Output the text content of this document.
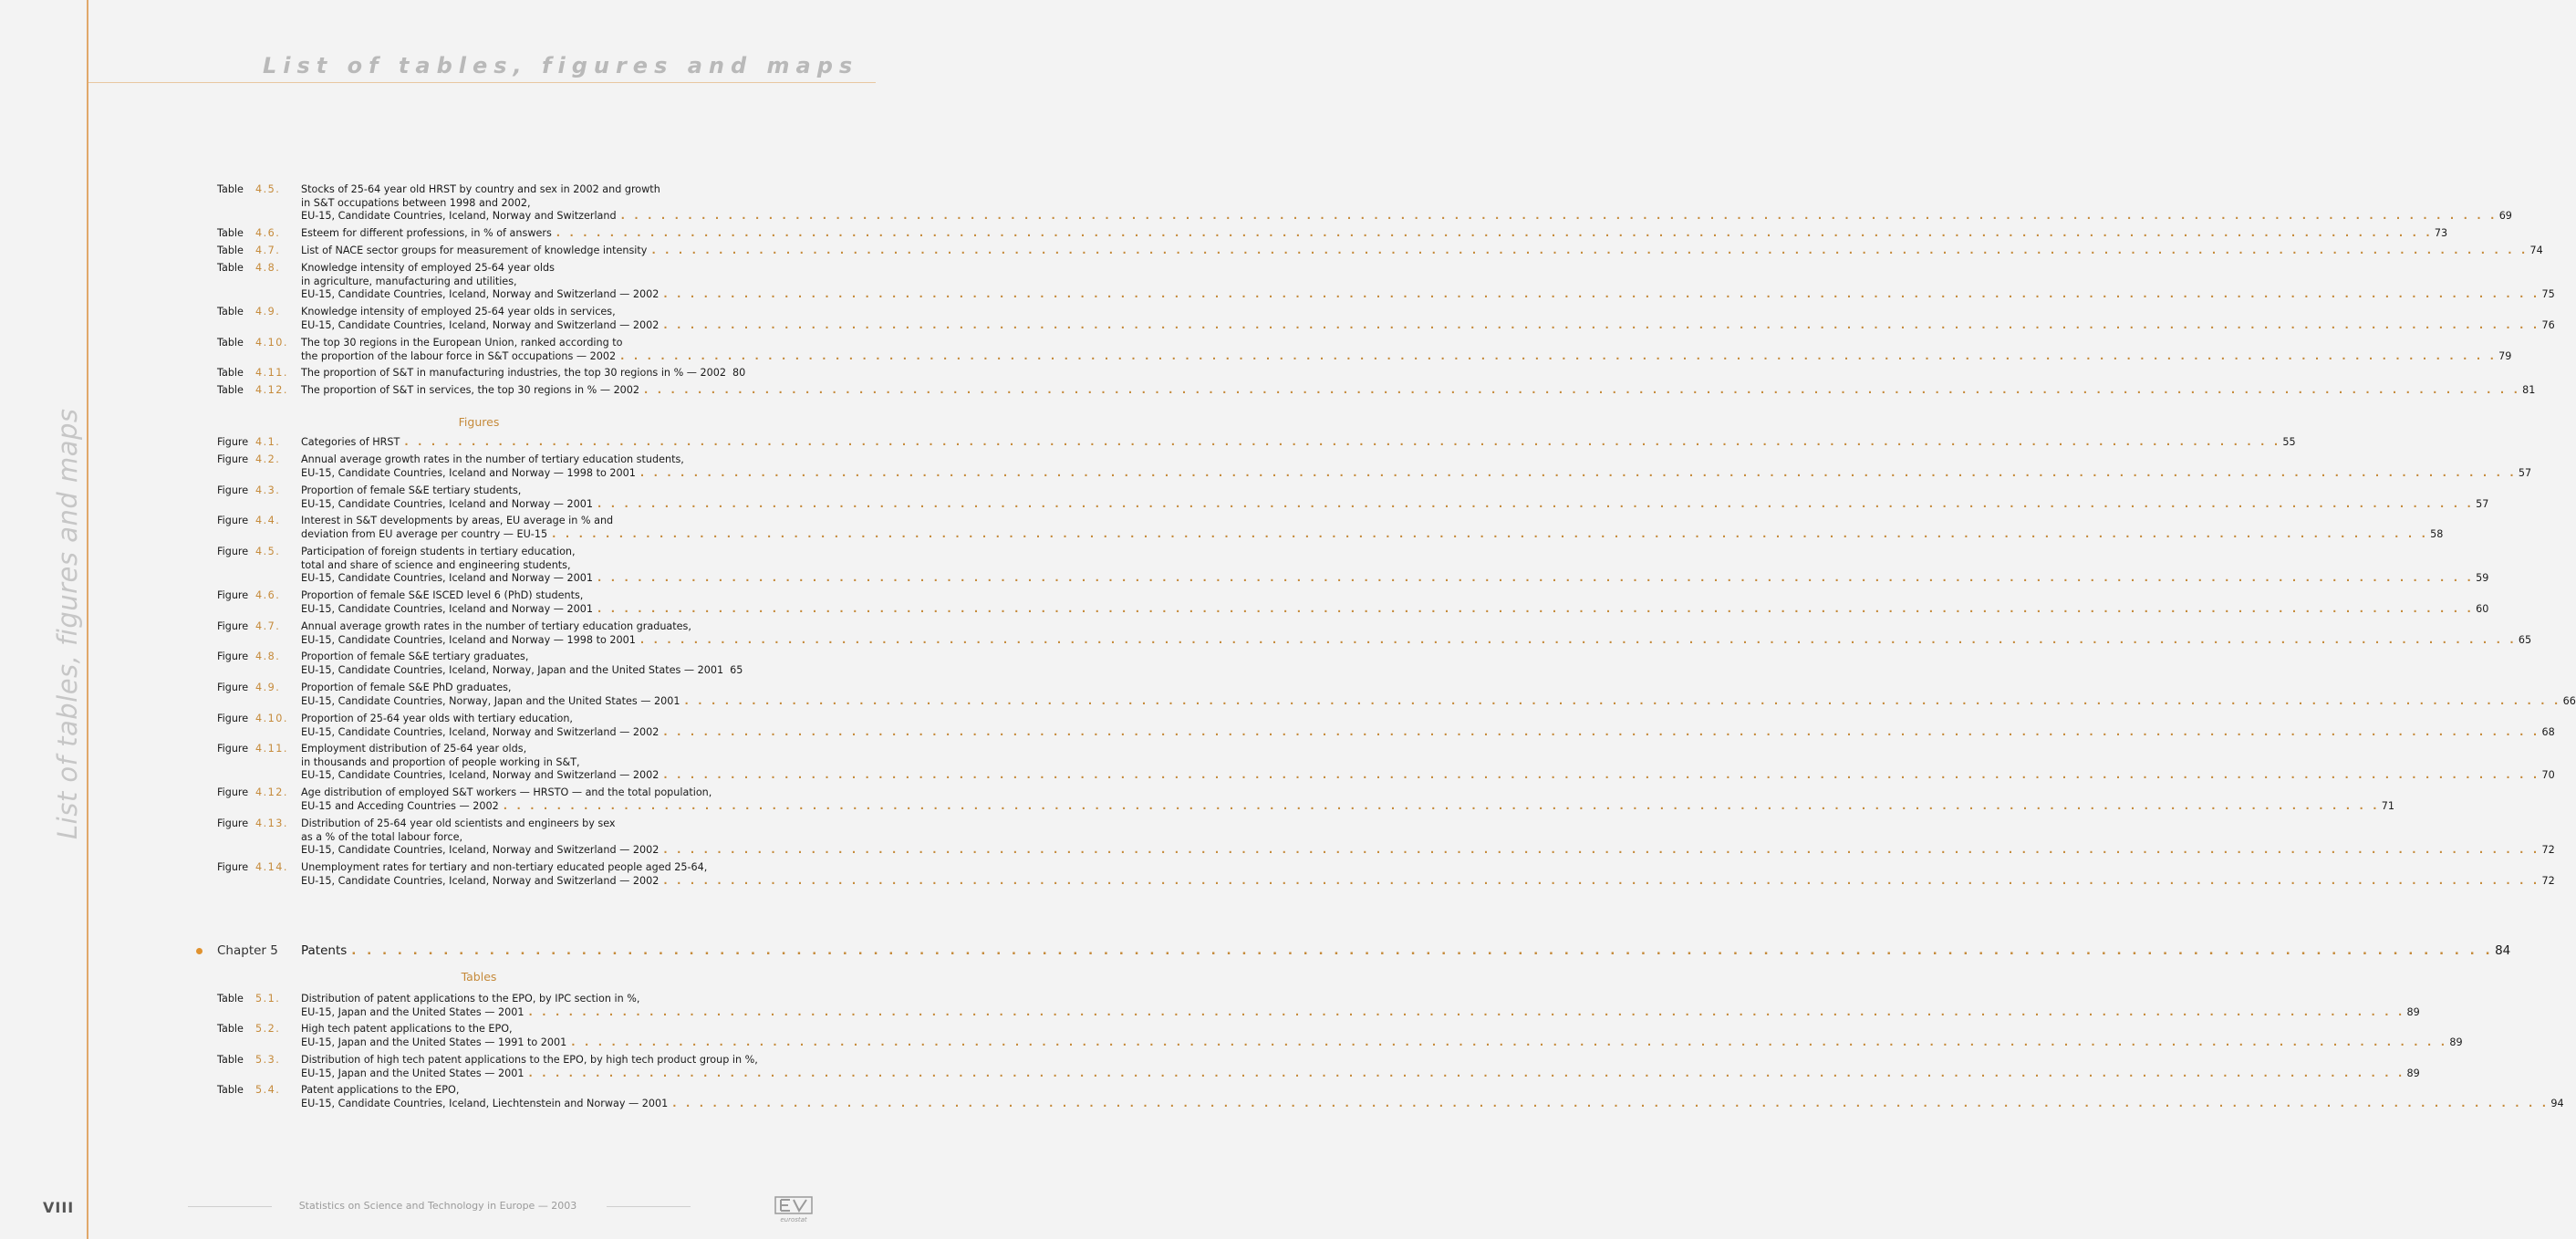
List of tables, figures and maps
List of tables, figures and maps
Table 4.5. Stocks of 25-64 year old HRST by country and sex in 2002 and growth
in S&T occupations between 1998 and 2002,
EU-15, Candidate Countries, Iceland, Norway and Switzerland . . . . . . . . . . . . . . . . . . . . . . . . . . . . . . . . . . . . . . . . . . . . . . . . . . . . . . . . . . . . . . . . . . . . . . . . . . . . . . . . . . . . . . . . . . . . . . . . . . . . . . . . . . . . . . . . . . . . . . . . . . . . . . . . . . . . . . . . . . . . 69
Table 4.6. Esteem for different professions, in % of answers . . . . . . . . . . . . . . . . . . . . . . . . . . . . . . . . . . . . . . . . . . . . . . . . . . . . . . . . . . . . . . . . . . . . . . . . . . . . . . . . . . . . . . . . . . . . . . . . . . . . . . . . . . . . . . . . . . . . . . . . . . . . . . . . . . . . . . . . . . . . 73
Table 4.7. List of NACE sector groups for measurement of knowledge intensity . . . . . . . . . . . . . . . . . . . . . . . . . . . . . . . . . . . . . . . . . . . . . . . . . . . . . . . . . . . . . . . . . . . . . . . . . . . . . . . . . . . . . . . . . . . . . . . . . . . . . . . . . . . . . . . . . . . . . . . . . . . . . . . . . . . . . . . . . . . . 74
Table 4.8. Knowledge intensity of employed 25-64 year olds
in agriculture, manufacturing and utilities,
EU-15, Candidate Countries, Iceland, Norway and Switzerland — 2002 . . . . . . . . . . . . . . . . . . . . . . . . . . . . . . . . . . . . . . . . . . . . . . . . . . . . . . . . . . . . . . . . . . . . . . . . . . . . . . . . . . . . . . . . . . . . . . . . . . . . . . . . . . . . . . . . . . . . . . . . . . . . . . . . . . . . . . . . . . . . 75
Table 4.9. Knowledge intensity of employed 25-64 year olds in services,
EU-15, Candidate Countries, Iceland, Norway and Switzerland — 2002 . . . . . . . . . . . . . . . . . . . . . . . . . . . . . . . . . . . . . . . . . . . . . . . . . . . . . . . . . . . . . . . . . . . . . . . . . . . . . . . . . . . . . . . . . . . . . . . . . . . . . . . . . . . . . . . . . . . . . . . . . . . . . . . . . . . . . . . . . . . . 76
Table 4.10. The top 30 regions in the European Union, ranked according to
the proportion of the labour force in S&T occupations — 2002 . . . . . . . . . . . . . . . . . . . . . . . . . . . . . . . . . . . . . . . . . . . . . . . . . . . . . . . . . . . . . . . . . . . . . . . . . . . . . . . . . . . . . . . . . . . . . . . . . . . . . . . . . . . . . . . . . . . . . . . . . . . . . . . . . . . . . . . . . . . . 79
Table 4.11. The proportion of S&T in manufacturing industries, the top 30 regions in % — 2002 80
Table 4.12. The proportion of S&T in services, the top 30 regions in % — 2002 . . . . . . . . . . . . . . . . . . . . . . . . . . . . . . . . . . . . . . . . . . . . . . . . . . . . . . . . . . . . . . . . . . . . . . . . . . . . . . . . . . . . . . . . . . . . . . . . . . . . . . . . . . . . . . . . . . . . . . . . . . . . . . . . . . . . . . . . . . . . 81
Figures
Figure 4.1. Categories of HRST . . . . . . . . . . . . . . . . . . . . . . . . . . . . . . . . . . . . . . . . . . . . . . . . . . . . . . . . . . . . . . . . . . . . . . . . . . . . . . . . . . . . . . . . . . . . . . . . . . . . . . . . . . . . . . . . . . . . . . . . . . . . . . . . . . . . . . . . . . . . 55
Figure 4.2. Annual average growth rates in the number of tertiary education students,
EU-15, Candidate Countries, Iceland and Norway — 1998 to 2001 . . . . . . . . . . . . . . . . . . . . . . . . . . . . . . . . . . . . . . . . . . . . . . . . . . . . . . . . . . . . . . . . . . . . . . . . . . . . . . . . . . . . . . . . . . . . . . . . . . . . . . . . . . . . . . . . . . . . . . . . . . . . . . . . . . . . . . . . . . . . 57
Figure 4.3. Proportion of female S&E tertiary students,
EU-15, Candidate Countries, Iceland and Norway — 2001 . . . . . . . . . . . . . . . . . . . . . . . . . . . . . . . . . . . . . . . . . . . . . . . . . . . . . . . . . . . . . . . . . . . . . . . . . . . . . . . . . . . . . . . . . . . . . . . . . . . . . . . . . . . . . . . . . . . . . . . . . . . . . . . . . . . . . . . . . . . . 57
Figure 4.4. Interest in S&T developments by areas, EU average in % and
deviation from EU average per country — EU-15 . . . . . . . . . . . . . . . . . . . . . . . . . . . . . . . . . . . . . . . . . . . . . . . . . . . . . . . . . . . . . . . . . . . . . . . . . . . . . . . . . . . . . . . . . . . . . . . . . . . . . . . . . . . . . . . . . . . . . . . . . . . . . . . . . . . . . . . . . . . . 58
Figure 4.5. Participation of foreign students in tertiary education,
total and share of science and engineering students,
EU-15, Candidate Countries, Iceland and Norway — 2001 . . . . . . . . . . . . . . . . . . . . . . . . . . . . . . . . . . . . . . . . . . . . . . . . . . . . . . . . . . . . . . . . . . . . . . . . . . . . . . . . . . . . . . . . . . . . . . . . . . . . . . . . . . . . . . . . . . . . . . . . . . . . . . . . . . . . . . . . . . . . 59
Figure 4.6. Proportion of female S&E ISCED level 6 (PhD) students,
EU-15, Candidate Countries, Iceland and Norway — 2001 . . . . . . . . . . . . . . . . . . . . . . . . . . . . . . . . . . . . . . . . . . . . . . . . . . . . . . . . . . . . . . . . . . . . . . . . . . . . . . . . . . . . . . . . . . . . . . . . . . . . . . . . . . . . . . . . . . . . . . . . . . . . . . . . . . . . . . . . . . . . 60
Figure 4.7. Annual average growth rates in the number of tertiary education graduates,
EU-15, Candidate Countries, Iceland and Norway — 1998 to 2001 . . . . . . . . . . . . . . . . . . . . . . . . . . . . . . . . . . . . . . . . . . . . . . . . . . . . . . . . . . . . . . . . . . . . . . . . . . . . . . . . . . . . . . . . . . . . . . . . . . . . . . . . . . . . . . . . . . . . . . . . . . . . . . . . . . . . . . . . . . . . 65
Figure 4.8. Proportion of female S&E tertiary graduates,
EU-15, Candidate Countries, Iceland, Norway, Japan and the United States — 2001 65
Figure 4.9. Proportion of female S&E PhD graduates,
EU-15, Candidate Countries, Norway, Japan and the United States — 2001 . . . . . . . . . . . . . . . . . . . . . . . . . . . . . . . . . . . . . . . . . . . . . . . . . . . . . . . . . . . . . . . . . . . . . . . . . . . . . . . . . . . . . . . . . . . . . . . . . . . . . . . . . . . . . . . . . . . . . . . . . . . . . . . . . . . . . . . . . . . . 66
Figure 4.10. Proportion of 25-64 year olds with tertiary education,
EU-15, Candidate Countries, Iceland, Norway and Switzerland — 2002 . . . . . . . . . . . . . . . . . . . . . . . . . . . . . . . . . . . . . . . . . . . . . . . . . . . . . . . . . . . . . . . . . . . . . . . . . . . . . . . . . . . . . . . . . . . . . . . . . . . . . . . . . . . . . . . . . . . . . . . . . . . . . . . . . . . . . . . . . . . . 68
Figure 4.11. Employment distribution of 25-64 year olds,
in thousands and proportion of people working in S&T,
EU-15, Candidate Countries, Iceland, Norway and Switzerland — 2002 . . . . . . . . . . . . . . . . . . . . . . . . . . . . . . . . . . . . . . . . . . . . . . . . . . . . . . . . . . . . . . . . . . . . . . . . . . . . . . . . . . . . . . . . . . . . . . . . . . . . . . . . . . . . . . . . . . . . . . . . . . . . . . . . . . . . . . . . . . . . 70
Figure 4.12. Age distribution of employed S&T workers — HRSTO — and the total population,
EU-15 and Acceding Countries — 2002 . . . . . . . . . . . . . . . . . . . . . . . . . . . . . . . . . . . . . . . . . . . . . . . . . . . . . . . . . . . . . . . . . . . . . . . . . . . . . . . . . . . . . . . . . . . . . . . . . . . . . . . . . . . . . . . . . . . . . . . . . . . . . . . . . . . . . . . . . . . . 71
Figure 4.13. Distribution of 25-64 year old scientists and engineers by sex
as a % of the total labour force,
EU-15, Candidate Countries, Iceland, Norway and Switzerland — 2002 . . . . . . . . . . . . . . . . . . . . . . . . . . . . . . . . . . . . . . . . . . . . . . . . . . . . . . . . . . . . . . . . . . . . . . . . . . . . . . . . . . . . . . . . . . . . . . . . . . . . . . . . . . . . . . . . . . . . . . . . . . . . . . . . . . . . . . . . . . . . 72
Figure 4.14. Unemployment rates for tertiary and non-tertiary educated people aged 25-64,
EU-15, Candidate Countries, Iceland, Norway and Switzerland — 2002 . . . . . . . . . . . . . . . . . . . . . . . . . . . . . . . . . . . . . . . . . . . . . . . . . . . . . . . . . . . . . . . . . . . . . . . . . . . . . . . . . . . . . . . . . . . . . . . . . . . . . . . . . . . . . . . . . . . . . . . . . . . . . . . . . . . . . . . . . . . . 72
Chapter 5 Patents . . . . . . . . . . . . . . . . . . . . . . . . . . . . . . . . . . . . . . . . . . . . . . . . . . . . . . . . . . . . . . . . . . . . . . . . . . . . . . . . . . . . . . . . . . . . . . . . . . . . . . . . . . . . . . . . . . . . . . . . . . . . . . . . . . . . . . . . . . . . 84
Tables
Table 5.1. Distribution of patent applications to the EPO, by IPC section in %,
EU-15, Japan and the United States — 2001 . . . . . . . . . . . . . . . . . . . . . . . . . . . . . . . . . . . . . . . . . . . . . . . . . . . . . . . . . . . . . . . . . . . . . . . . . . . . . . . . . . . . . . . . . . . . . . . . . . . . . . . . . . . . . . . . . . . . . . . . . . . . . . . . . . . . . . . . . . . . 89
Table 5.2. High tech patent applications to the EPO,
EU-15, Japan and the United States — 1991 to 2001 . . . . . . . . . . . . . . . . . . . . . . . . . . . . . . . . . . . . . . . . . . . . . . . . . . . . . . . . . . . . . . . . . . . . . . . . . . . . . . . . . . . . . . . . . . . . . . . . . . . . . . . . . . . . . . . . . . . . . . . . . . . . . . . . . . . . . . . . . . . . 89
Table 5.3. Distribution of high tech patent applications to the EPO, by high tech product group in %,
EU-15, Japan and the United States — 2001 . . . . . . . . . . . . . . . . . . . . . . . . . . . . . . . . . . . . . . . . . . . . . . . . . . . . . . . . . . . . . . . . . . . . . . . . . . . . . . . . . . . . . . . . . . . . . . . . . . . . . . . . . . . . . . . . . . . . . . . . . . . . . . . . . . . . . . . . . . . . 89
Table 5.4. Patent applications to the EPO,
EU-15, Candidate Countries, Iceland, Liechtenstein and Norway — 2001 . . . . . . . . . . . . . . . . . . . . . . . . . . . . . . . . . . . . . . . . . . . . . . . . . . . . . . . . . . . . . . . . . . . . . . . . . . . . . . . . . . . . . . . . . . . . . . . . . . . . . . . . . . . . . . . . . . . . . . . . . . . . . . . . . . . . . . . . . . . . 94
VIII	Statistics on Science and Technology in Europe — 2003
eurostat
